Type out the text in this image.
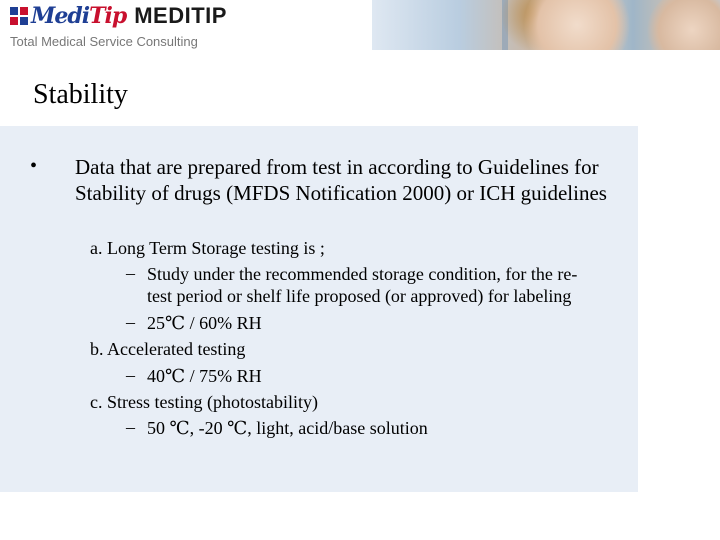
MediTip MEDITIP
Total Medical Service Consulting
Stability
• Data that are prepared from test in according to Guidelines for Stability of drugs (MFDS Notification 2000) or ICH guidelines

a. Long Term Storage testing is ;
– Study under the recommended storage condition, for the re-
test period or shelf life proposed (or approved) for labeling
– 25℃ / 60% RH
b. Accelerated testing
– 40℃ / 75% RH
c. Stress testing (photostability)
– 50 ℃, -20 ℃, light, acid/base solution
